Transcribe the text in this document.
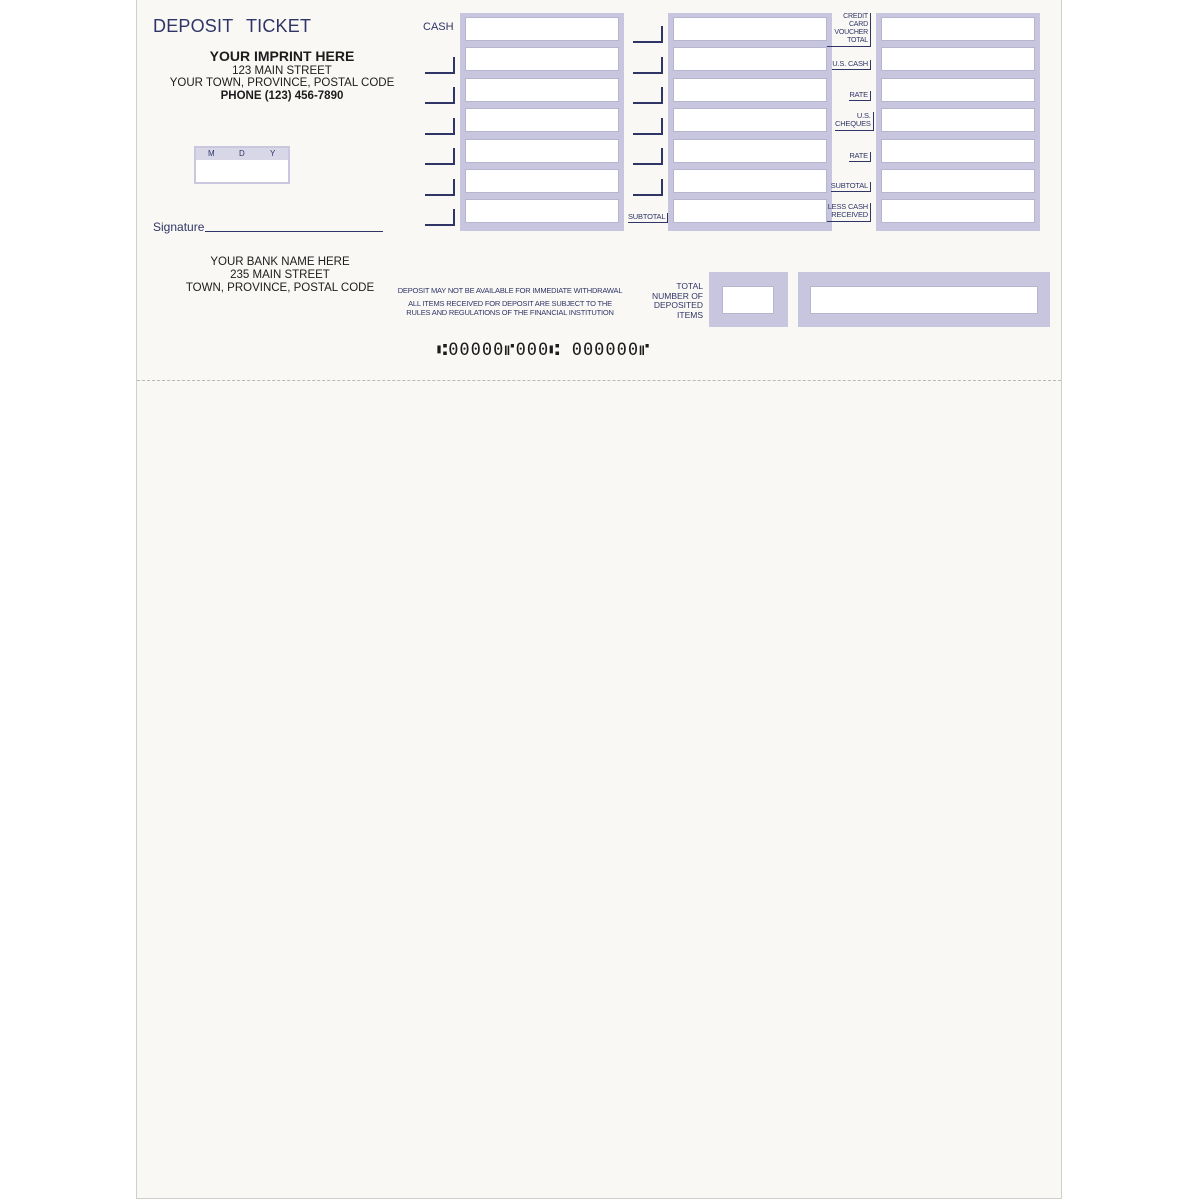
DEPOSIT TICKET
YOUR IMPRINT HERE
123 MAIN STREET
YOUR TOWN, PROVINCE, POSTAL CODE
PHONE (123) 456-7890
M	D	Y
Signature
YOUR BANK NAME HERE
235 MAIN STREET
TOWN, PROVINCE, POSTAL CODE
CASH
SUBTOTAL
CREDIT CARD VOUCHER TOTAL
U.S. CASH
RATE
U.S. CHEQUES
RATE
SUBTOTAL
LESS CASH RECEIVED
DEPOSIT MAY NOT BE AVAILABLE FOR IMMEDIATE WITHDRAWAL
ALL ITEMS RECEIVED FOR DEPOSIT ARE SUBJECT TO THE
RULES AND REGULATIONS OF THE FINANCIAL INSTITUTION
TOTAL NUMBER OF DEPOSITED ITEMS
⑆00000⑈000⑆ 000000⑈
